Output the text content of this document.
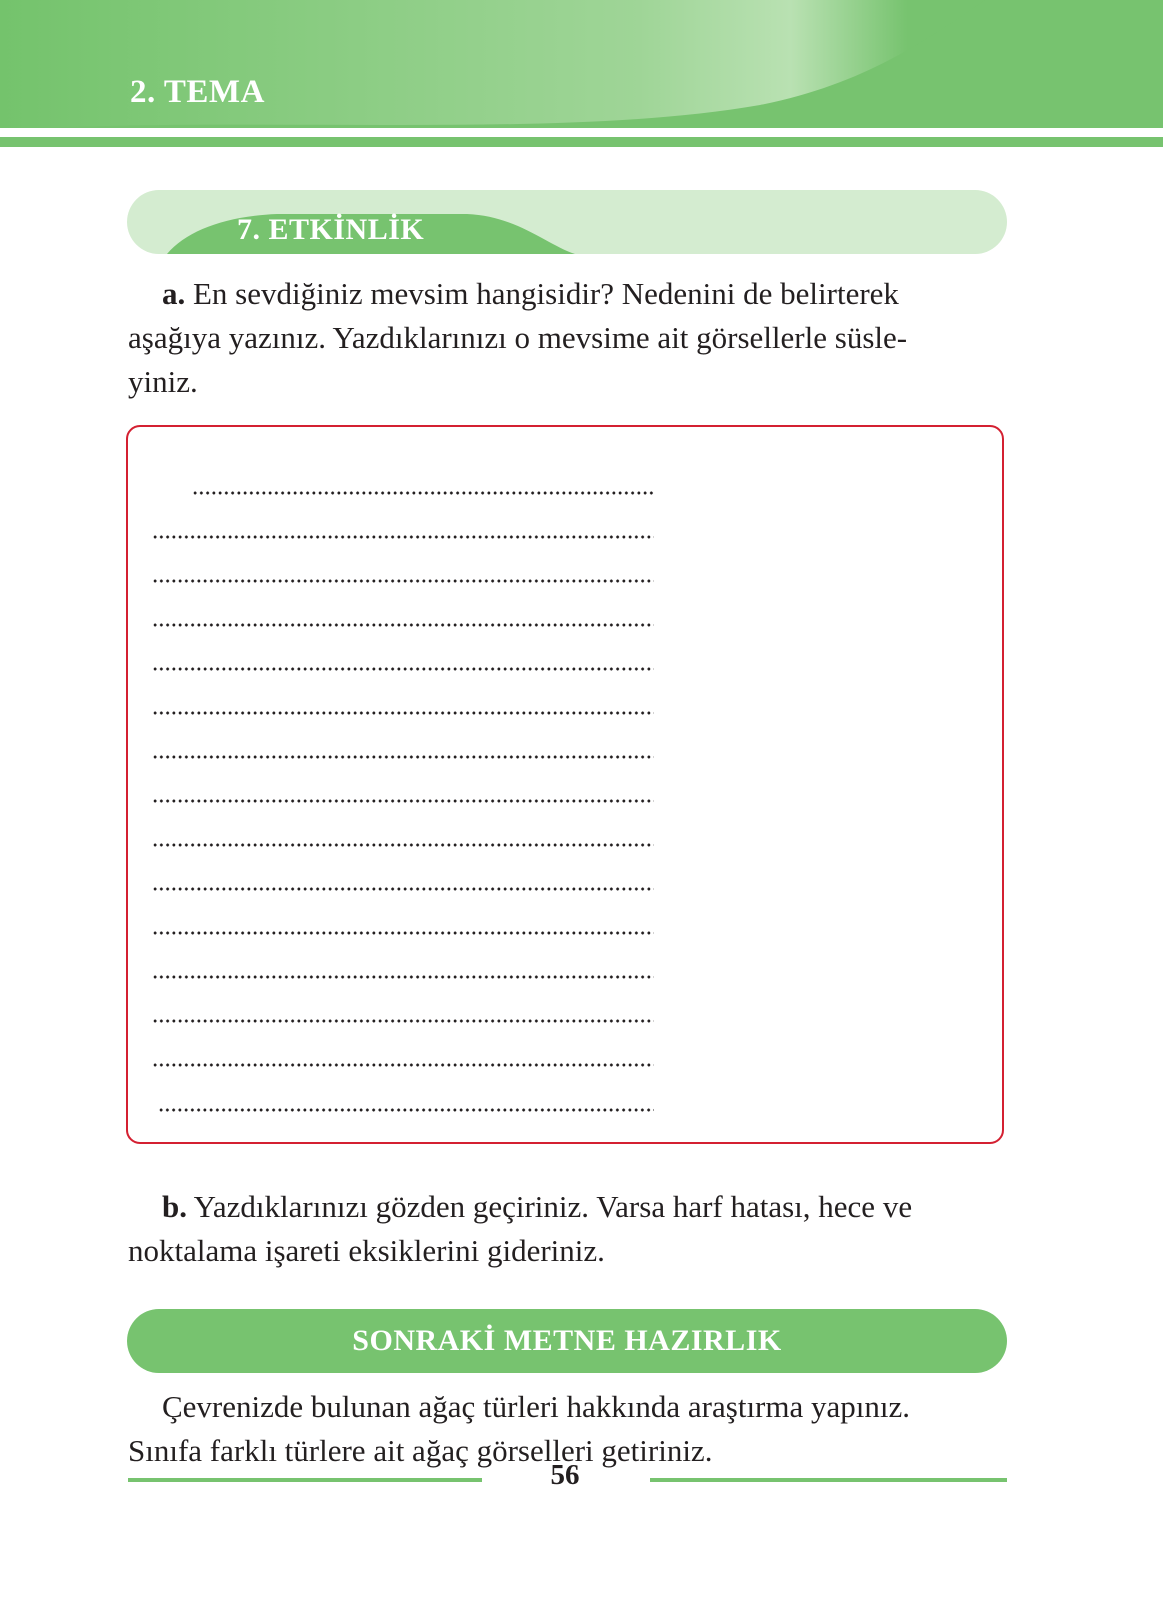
2. TEMA
7. ETKİNLİK
a. En sevdiğiniz mevsim hangisidir? Nedenini de belirterek
aşağıya yazınız. Yazdıklarınızı o mevsime ait görsellerle süsle-
yiniz.
b. Yazdıklarınızı gözden geçiriniz. Varsa harf hatası, hece ve
noktalama işareti eksiklerini gideriniz.
SONRAKİ METNE HAZIRLIK
Çevrenizde bulunan ağaç türleri hakkında araştırma yapınız.
Sınıfa farklı türlere ait ağaç görselleri getiriniz.
56
